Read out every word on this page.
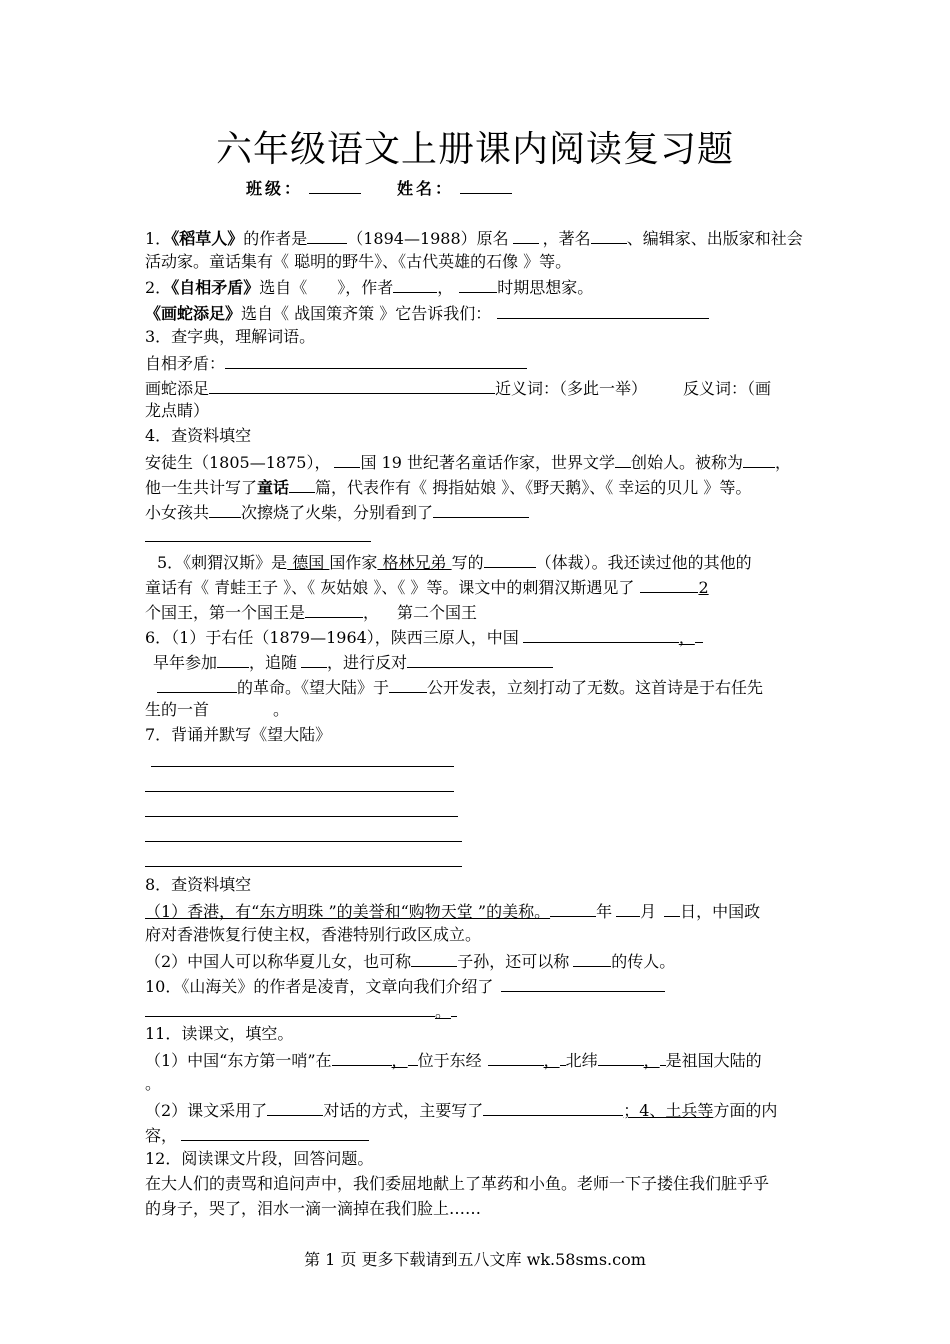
六年级语文上册课内阅读复习题
班级：	姓名：
1．《稻草人》的作者是	（1894—1988）原名 ，著名 、编辑家、出版家和社会
活动家。童话集有《 聪明的野牛》、《古代英雄的石像 》等。
2．《自相矛盾》选自《 》，作者	，	时期思想家。
《画蛇添足》选自《 战国策齐策 》它告诉我们：
3．查字典，理解词语。
自相矛盾：
画蛇添足	近义词：（多此一举） 反义词：（画
龙点睛）
4．查资料填空
安徒生（1805—1875）， 国 19 世纪著名童话作家，世界文学 创始人。被称为 ，
他一生共计写了童话 篇，代表作有《 拇指姑娘 》、《野天鹅》、《 幸运的贝儿 》等。
小女孩共 次擦烧了火柴，分别看到了
5．《刺猬汉斯》是 德国 国作家 格林兄弟 写的	（体裁）。我还读过他的其他的
童话有《 青蛙王子 》、《 灰姑娘 》、《 》等。课文中的刺猬汉斯遇见了	2
个国王，第一个国王是	， 第二个国王
6．（1）于右任（1879—1964），陕西三原人，中国	，
早年参加 ，追随 ，进行反对
的革命。《望大陆》于 公开发表，立刻打动了无数。这首诗是于右任先
生的一首	。
7．背诵并默写《望大陆》
8．查资料填空
（1）香港，有“东方明珠 ”的美誉和“购物天堂 ”的美称。	年 月 日，中国政
府对香港恢复行使主权，香港特别行政区成立。
（2）中国人可以称华夏儿女，也可称	子孙，还可以称	的传人。
10．《山海关》的作者是凌青，文章向我们介绍了
。
11．读课文，填空。
（1）中国“东方第一哨”在	， 位于东经	， 北纬	， 是祖国大陆的
。
（2）课文采用了	对话的方式，主要写了	；4、土兵等方面的内
容，
12．阅读课文片段，回答问题。
在大人们的责骂和追问声中，我们委屈地献上了革药和小鱼。老师一下子搂住我们脏乎乎
的身子，哭了，泪水一滴一滴掉在我们脸上……
第 1 页 更多下载请到五八文库 wk.58sms.com
